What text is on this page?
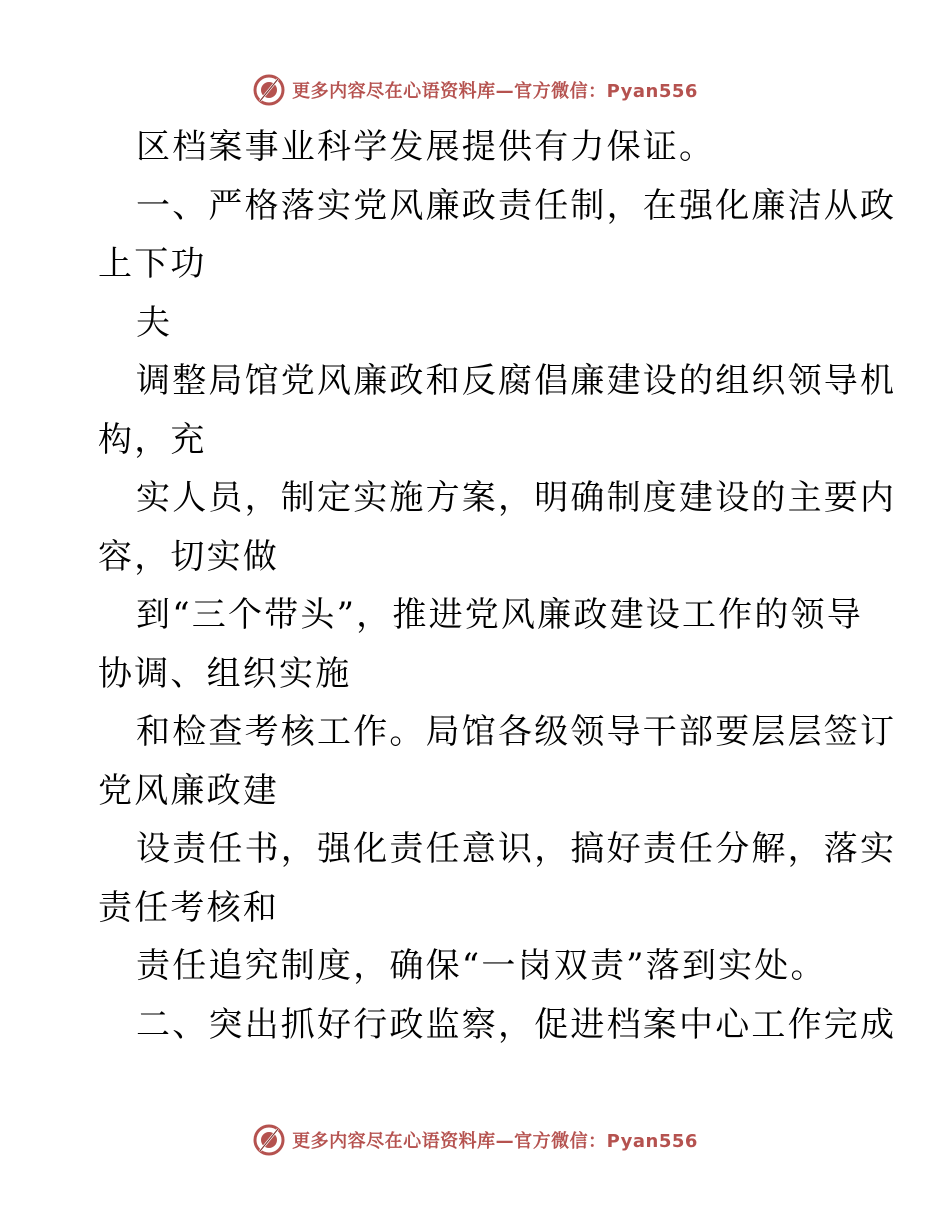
更多内容尽在心语资料库—官方微信：Pyan556
区档案事业科学发展提供有力保证。
一、严格落实党风廉政责任制，在强化廉洁从政
上下功
夫
调整局馆党风廉政和反腐倡廉建设的组织领导机
构，充
实人员，制定实施方案，明确制度建设的主要内
容，切实做
到“三个带头”，推进党风廉政建设工作的领导
协调、组织实施
和检查考核工作。局馆各级领导干部要层层签订
党风廉政建
设责任书，强化责任意识，搞好责任分解，落实
责任考核和
责任追究制度，确保“一岗双责”落到实处。
二、突出抓好行政监察，促进档案中心工作完成
更多内容尽在心语资料库—官方微信：Pyan556
